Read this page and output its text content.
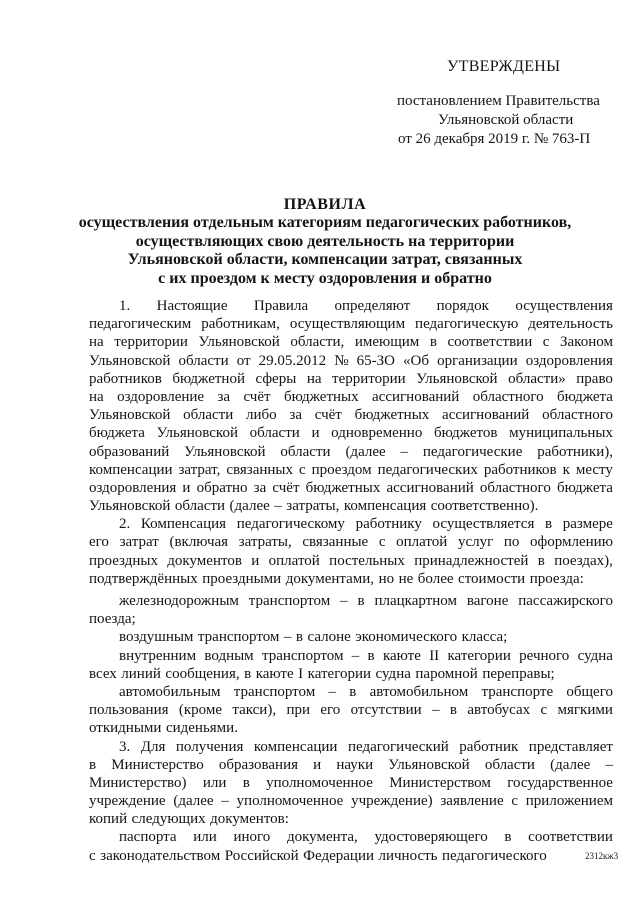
УТВЕРЖДЕНЫ
постановлением Правительства
Ульяновской области
от 26 декабря 2019 г. № 763-П
ПРАВИЛА
осуществления отдельным категориям педагогических работников,
осуществляющих свою деятельность на территории
Ульяновской области, компенсации затрат, связанных
с их проездом к месту оздоровления и обратно
1. Настоящие Правила определяют порядок осуществления
педагогическим работникам, осуществляющим педагогическую деятельность
на территории Ульяновской области, имеющим в соответствии с Законом
Ульяновской области от 29.05.2012 № 65-ЗО «Об организации оздоровления
работников бюджетной сферы на территории Ульяновской области» право
на оздоровление за счёт бюджетных ассигнований областного бюджета
Ульяновской области либо за счёт бюджетных ассигнований областного
бюджета Ульяновской области и одновременно бюджетов муниципальных
образований Ульяновской области (далее – педагогические работники),
компенсации затрат, связанных с проездом педагогических работников к месту
оздоровления и обратно за счёт бюджетных ассигнований областного бюджета
Ульяновской области (далее – затраты, компенсация соответственно).
2. Компенсация педагогическому работнику осуществляется в размере
его затрат (включая затраты, связанные с оплатой услуг по оформлению
проездных документов и оплатой постельных принадлежностей в поездах),
подтверждённых проездными документами, но не более стоимости проезда:
железнодорожным транспортом – в плацкартном вагоне пассажирского
поезда;
воздушным транспортом – в салоне экономического класса;
внутренним водным транспортом – в каюте II категории речного судна
всех линий сообщения, в каюте I категории судна паромной переправы;
автомобильным транспортом – в автомобильном транспорте общего
пользования (кроме такси), при его отсутствии – в автобусах с мягкими
откидными сиденьями.
3. Для получения компенсации педагогический работник представляет
в Министерство образования и науки Ульяновской области (далее –
Министерство) или в уполномоченное Министерством государственное
учреждение (далее – уполномоченное учреждение) заявление с приложением
копий следующих документов:
паспорта или иного документа, удостоверяющего в соответствии
с законодательством Российской Федерации личность педагогического	2312кж3
